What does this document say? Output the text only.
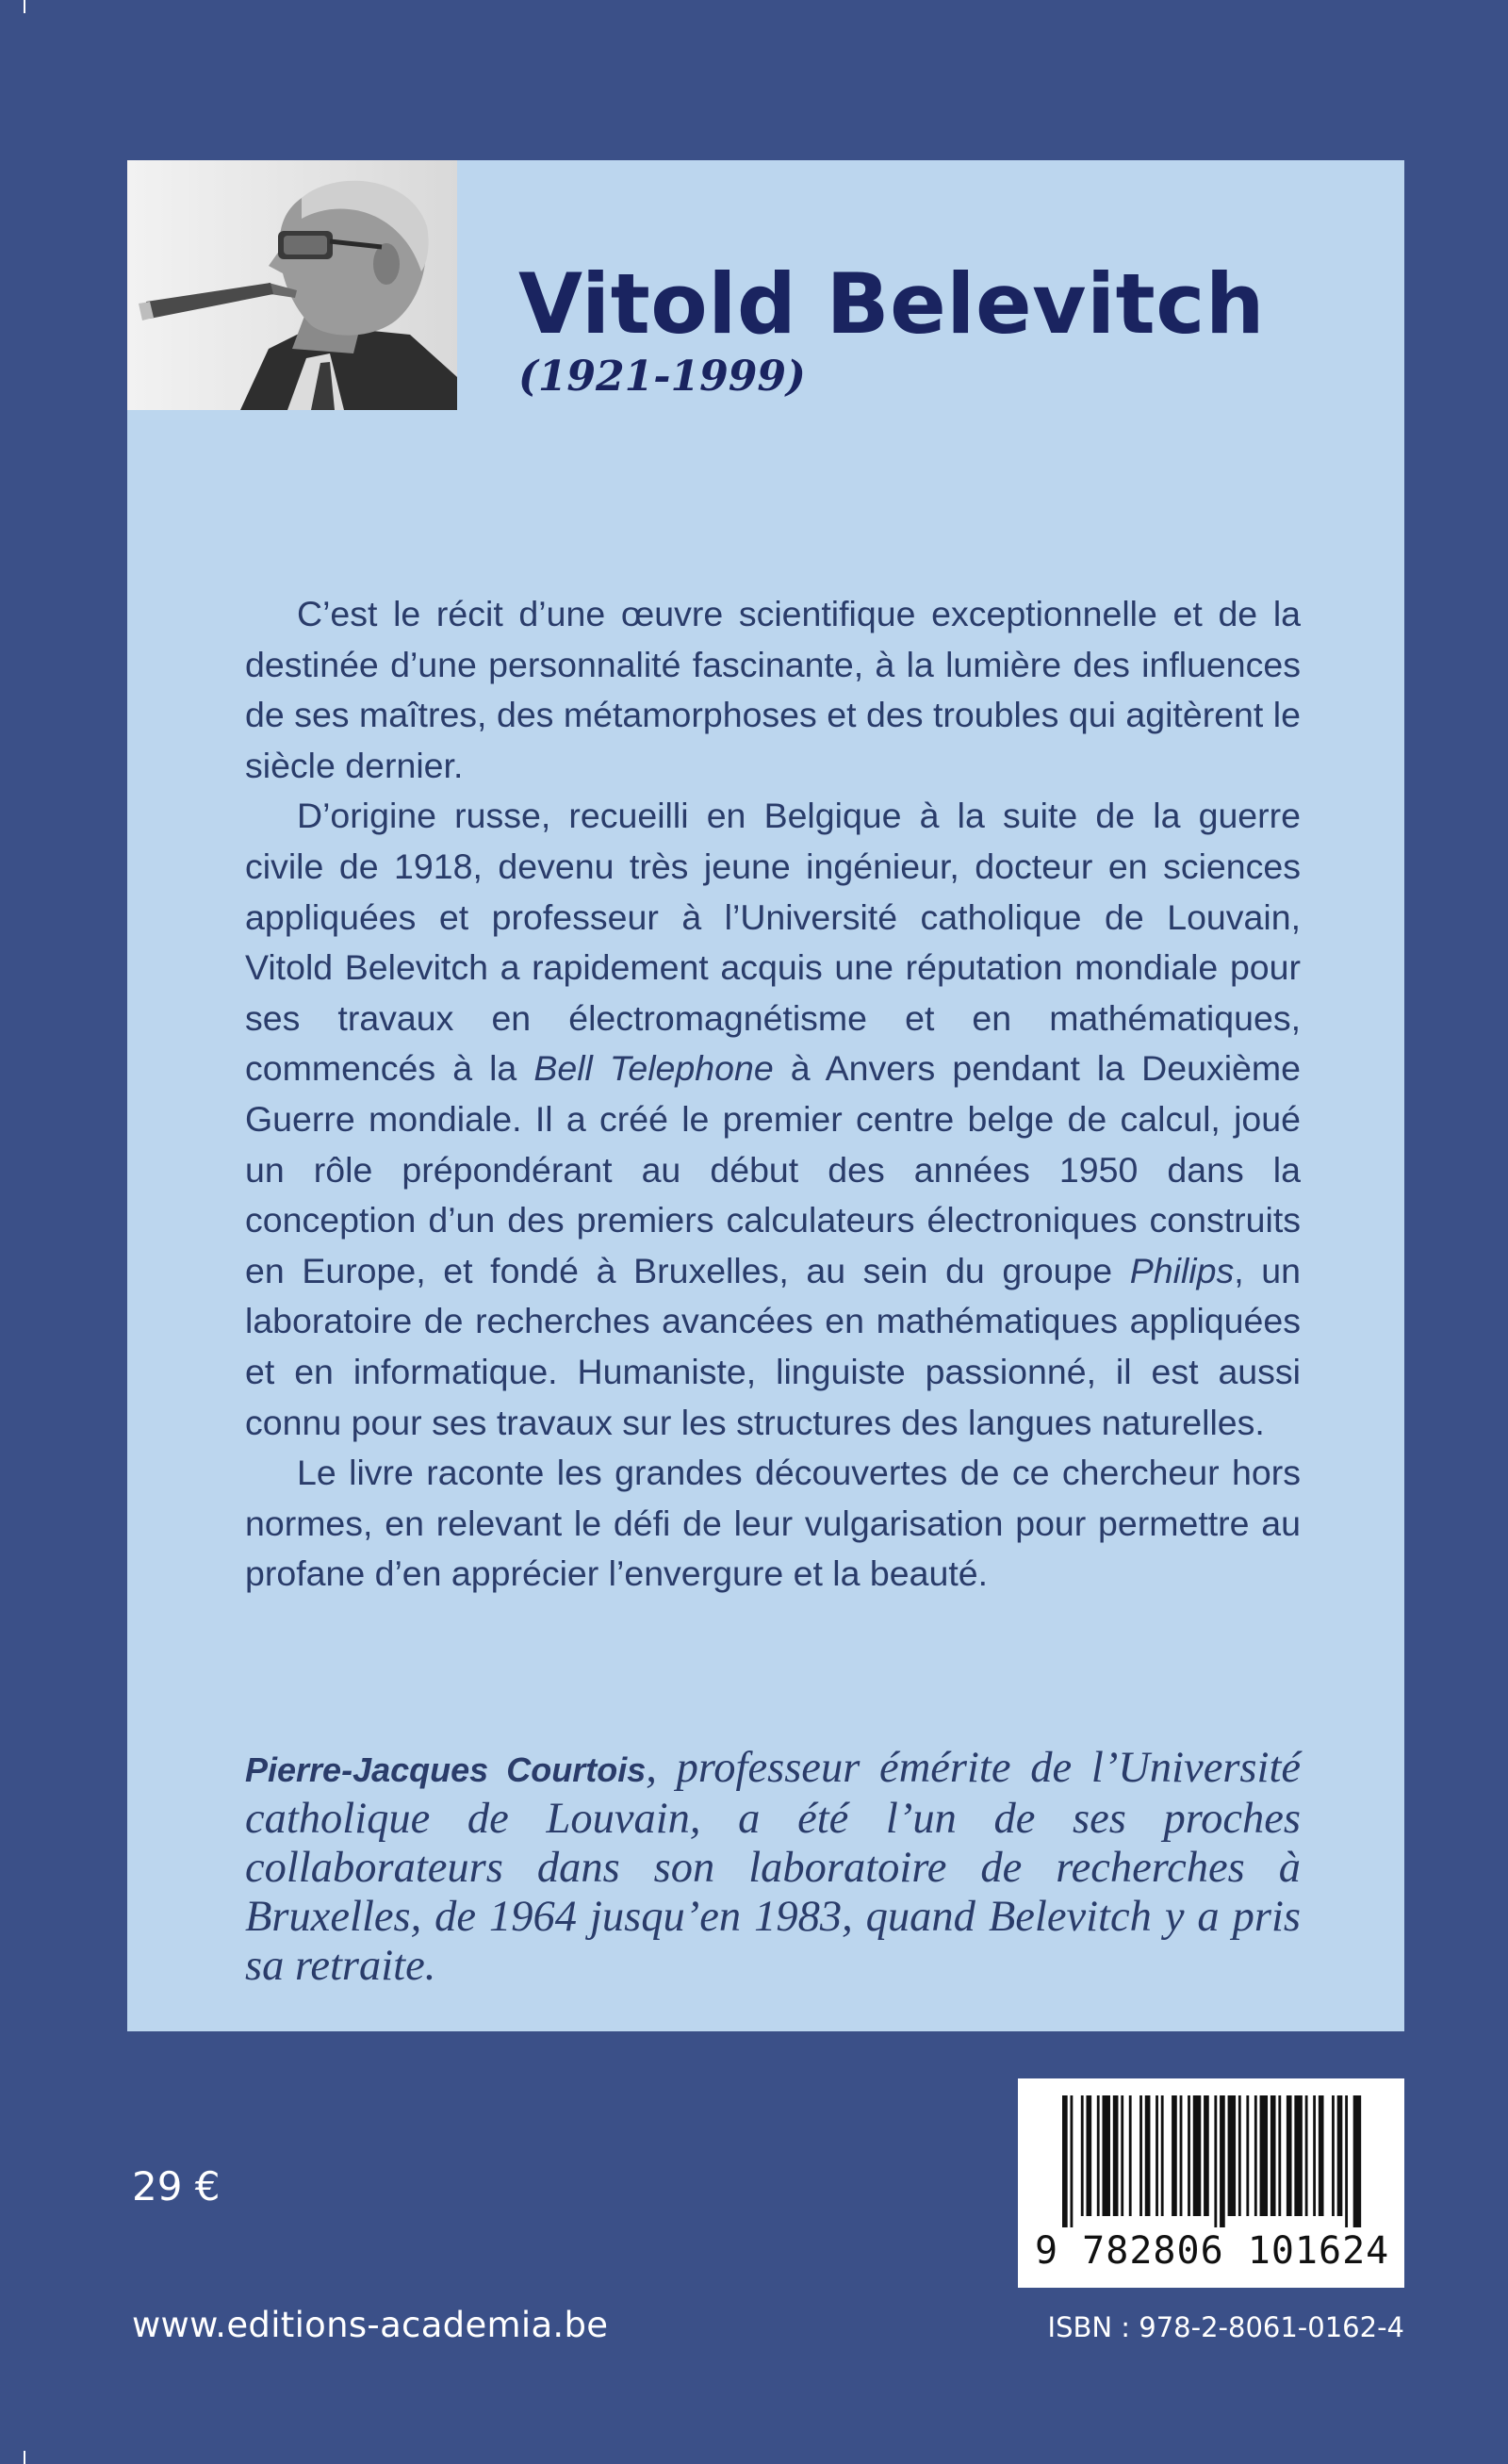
Vitold Belevitch
(1921-1999)

C’est le récit d’une œuvre scientifique exceptionnelle et de la destinée d’une personnalité fascinante, à la lumière des influences de ses maîtres, des métamorphoses et des troubles qui agitèrent le siècle dernier.

D’origine russe, recueilli en Belgique à la suite de la guerre civile de 1918, devenu très jeune ingénieur, docteur en sciences appliquées et professeur à l’Université catholique de Louvain, Vitold Belevitch a rapidement acquis une réputation mondiale pour ses travaux en électromagnétisme et en mathématiques, commencés à la Bell Telephone à Anvers pendant la Deuxième Guerre mondiale. Il a créé le premier centre belge de calcul, joué un rôle prépondérant au début des années 1950 dans la conception d’un des premiers calculateurs électroniques construits en Europe, et fondé à Bruxelles, au sein du groupe Philips, un laboratoire de recherches avancées en mathématiques appliquées et en informatique. Humaniste, linguiste passionné, il est aussi connu pour ses travaux sur les structures des langues naturelles.

Le livre raconte les grandes découvertes de ce chercheur hors normes, en relevant le défi de leur vulgarisation pour permettre au profane d’en apprécier l’envergure et la beauté.

Pierre-Jacques Courtois, professeur émérite de l’Université catholique de Louvain, a été l’un de ses proches collaborateurs dans son laboratoire de recherches à Bruxelles, de 1964 jusqu’en 1983, quand Belevitch y a pris sa retraite.
9 782806 101624
29 €
www.editions-academia.be	ISBN : 978-2-8061-0162-4
